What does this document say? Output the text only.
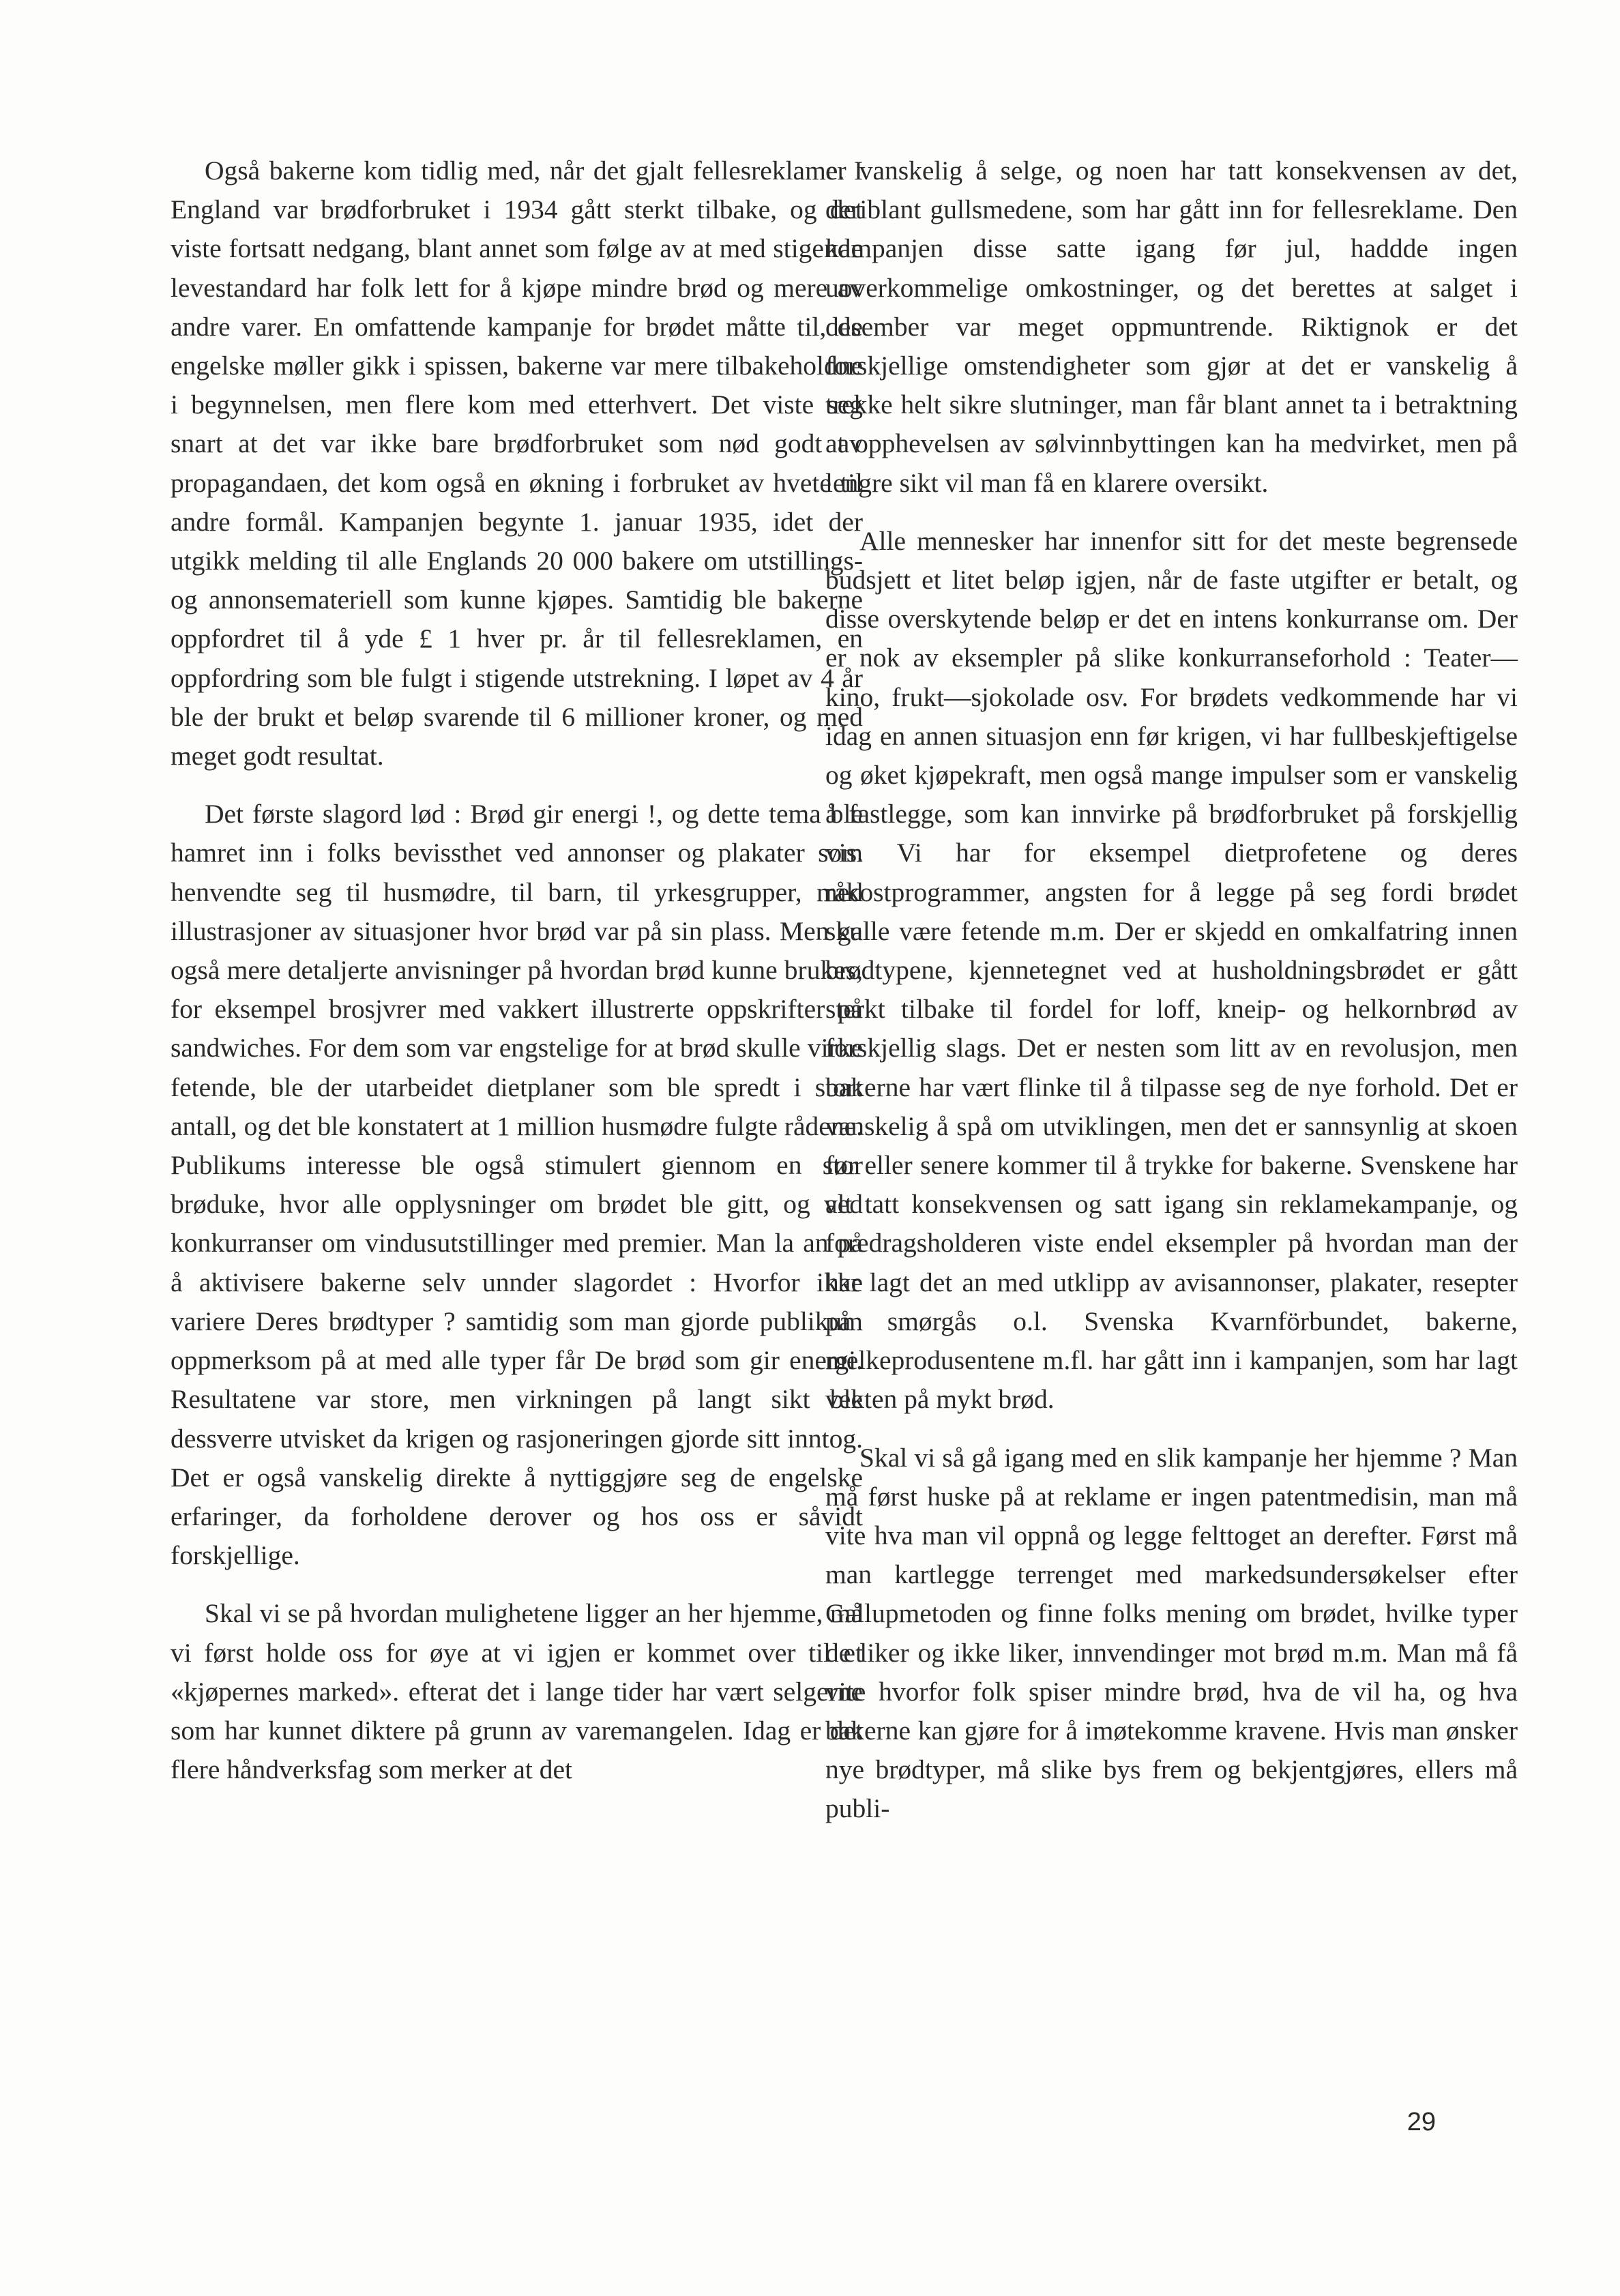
Også bakerne kom tidlig med, når det gjalt fellesreklame. I England var brødforbruket i 1934 gått sterkt tilbake, og det viste fortsatt nedgang, blant annet som følge av at med stigende levestandard har folk lett for å kjøpe mindre brød og mere av andre varer. En omfattende kampanje for brødet måtte til, de engelske møller gikk i spissen, bakerne var mere tilbakeholdne i begynnelsen, men flere kom med etterhvert. Det viste seg snart at det var ikke bare brødforbruket som nød godt av propagandaen, det kom også en økning i forbruket av hvete til andre formål. Kampanjen begynte 1. januar 1935, idet der utgikk melding til alle Englands 20 000 bakere om utstillings- og annonsemateriell som kunne kjøpes. Samtidig ble bakerne oppfordret til å yde £ 1 hver pr. år til fellesreklamen, en oppfordring som ble fulgt i stigende utstrekning. I løpet av 4 år ble der brukt et beløp svarende til 6 millioner kroner, og med meget godt resultat.

Det første slagord lød : Brød gir energi !, og dette tema ble hamret inn i folks bevissthet ved annonser og plakater som henvendte seg til husmødre, til barn, til yrkesgrupper, med illustrasjoner av situasjoner hvor brød var på sin plass. Men ga også mere detaljerte anvisninger på hvordan brød kunne brukes, for eksempel brosjvrer med vakkert illustrerte oppskrifter på sandwiches. For dem som var engstelige for at brød skulle virke fetende, ble der utarbeidet dietplaner som ble spredt i stort antall, og det ble konstatert at 1 million husmødre fulgte rådene. Publikums interesse ble også stimulert giennom en stor brøduke, hvor alle opplysninger om brødet ble gitt, og ved konkurranser om vindusutstillinger med premier. Man la an på å aktivisere bakerne selv unnder slagordet : Hvorfor ikke variere Deres brødtyper ? samtidig som man gjorde publikum oppmerksom på at med alle typer får De brød som gir energi. Resultatene var store, men virkningen på langt sikt ble dessverre utvisket da krigen og rasjoneringen gjorde sitt inntog. Det er også vanskelig direkte å nyttiggjøre seg de engelske erfaringer, da forholdene derover og hos oss er såvidt forskjellige.

Skal vi se på hvordan mulighetene ligger an her hjemme, må vi først holde oss for øye at vi igjen er kommet over til et «kjøpernes marked». efterat det i lange tider har vært selgerne som har kunnet diktere på grunn av varemangelen. Idag er det flere håndverksfag som merker at det

er vanskelig å selge, og noen har tatt konsekvensen av det, deriblant gullsmedene, som har gått inn for fellesreklame. Den kampanjen disse satte igang før jul, haddde ingen uoverkommelige omkostninger, og det berettes at salget i desember var meget oppmuntrende. Riktignok er det forskjellige omstendigheter som gjør at det er vanskelig å trekke helt sikre slutninger, man får blant annet ta i betraktning at opphevelsen av sølvinnbyttingen kan ha medvirket, men på lengre sikt vil man få en klarere oversikt.

Alle mennesker har innenfor sitt for det meste begrensede budsjett et litet beløp igjen, når de faste utgifter er betalt, og disse overskytende beløp er det en intens konkurranse om. Der er nok av eksempler på slike konkurranseforhold : Teater—kino, frukt—sjokolade osv. For brødets vedkommende har vi idag en annen situasjon enn før krigen, vi har fullbeskjeftigelse og øket kjøpekraft, men også mange impulser som er vanskelig å fastlegge, som kan innvirke på brødforbruket på forskjellig vis. Vi har for eksempel dietprofetene og deres råkostprogrammer, angsten for å legge på seg fordi brødet skulle være fetende m.m. Der er skjedd en omkalfatring innen brødtypene, kjennetegnet ved at husholdningsbrødet er gått sterkt tilbake til fordel for loff, kneip- og helkornbrød av forskjellig slags. Det er nesten som litt av en revolusjon, men bakerne har vært flinke til å tilpasse seg de nye forhold. Det er vanskelig å spå om utviklingen, men det er sannsynlig at skoen før eller senere kommer til å trykke for bakerne. Svenskene har alt tatt konsekvensen og satt igang sin reklamekampanje, og foredragsholderen viste endel eksempler på hvordan man der har lagt det an med utklipp av avisannonser, plakater, resepter på smørgås o.l. Svenska Kvarnförbundet, bakerne, melkeprodusentene m.fl. har gått inn i kampanjen, som har lagt vekten på mykt brød.

Skal vi så gå igang med en slik kampanje her hjemme ? Man må først huske på at reklame er ingen patentmedisin, man må vite hva man vil oppnå og legge felttoget an derefter. Først må man kartlegge terrenget med markedsundersøkelser efter Gallupmetoden og finne folks mening om brødet, hvilke typer de liker og ikke liker, innvendinger mot brød m.m. Man må få vite hvorfor folk spiser mindre brød, hva de vil ha, og hva bakerne kan gjøre for å imøtekomme kravene. Hvis man ønsker nye brødtyper, må slike bys frem og bekjentgjøres, ellers må publi-

29
